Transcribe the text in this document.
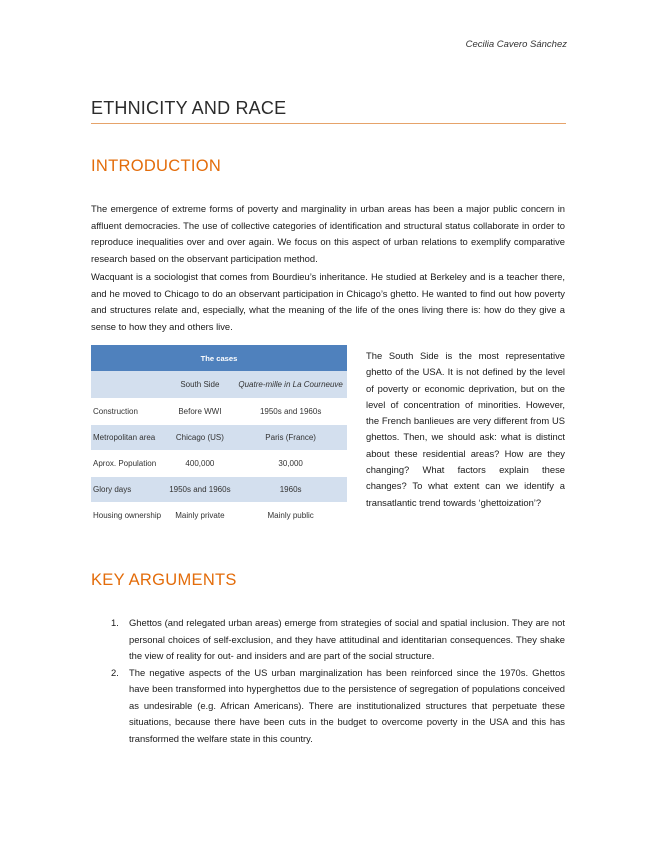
Cecilia Cavero Sánchez
ETHNICITY AND RACE
INTRODUCTION

The emergence of extreme forms of poverty and marginality in urban areas has been a major public concern in affluent democracies. The use of collective categories of identification and structural status collaborate in order to reproduce inequalities over and over again. We focus on this aspect of urban relations to exemplify comparative research based on the observant participation method.

Wacquant is a sociologist that comes from Bourdieu’s inheritance. He studied at Berkeley and is a teacher there, and he moved to Chicago to do an observant participation in Chicago’s ghetto. He wanted to find out how poverty and structures relate and, especially, what the meaning of the life of the ones living there is: how do they give a sense to how they and others live.

The cases		
	South Side	Quatre-mille in La Courneuve
Construction	Before WWI	1950s and 1960s
Metropolitan area	Chicago (US)	Paris (France)
Aprox. Population	400,000	30,000
Glory days	1950s and 1960s	1960s
Housing ownership	Mainly private	Mainly public

The South Side is the most representative ghetto of the USA. It is not defined by the level of poverty or economic deprivation, but on the level of concentration of minorities. However, the French banlieues are very different from US ghettos. Then, we should ask: what is distinct about these residential areas? How are they changing? What factors explain these changes? To what extent can we identify a transatlantic trend towards ‘ghettoization’?

KEY ARGUMENTS
1. Ghettos (and relegated urban areas) emerge from strategies of social and spatial inclusion. They are not personal choices of self-exclusion, and they have attitudinal and identitarian consequences. They shake the view of reality for out- and insiders and are part of the social structure.
2. The negative aspects of the US urban marginalization has been reinforced since the 1970s. Ghettos have been transformed into hyperghettos due to the persistence of segregation of populations conceived as undesirable (e.g. African Americans). There are institutionalized structures that perpetuate these situations, because there have been cuts in the budget to overcome poverty in the USA and this has transformed the welfare state in this country.
